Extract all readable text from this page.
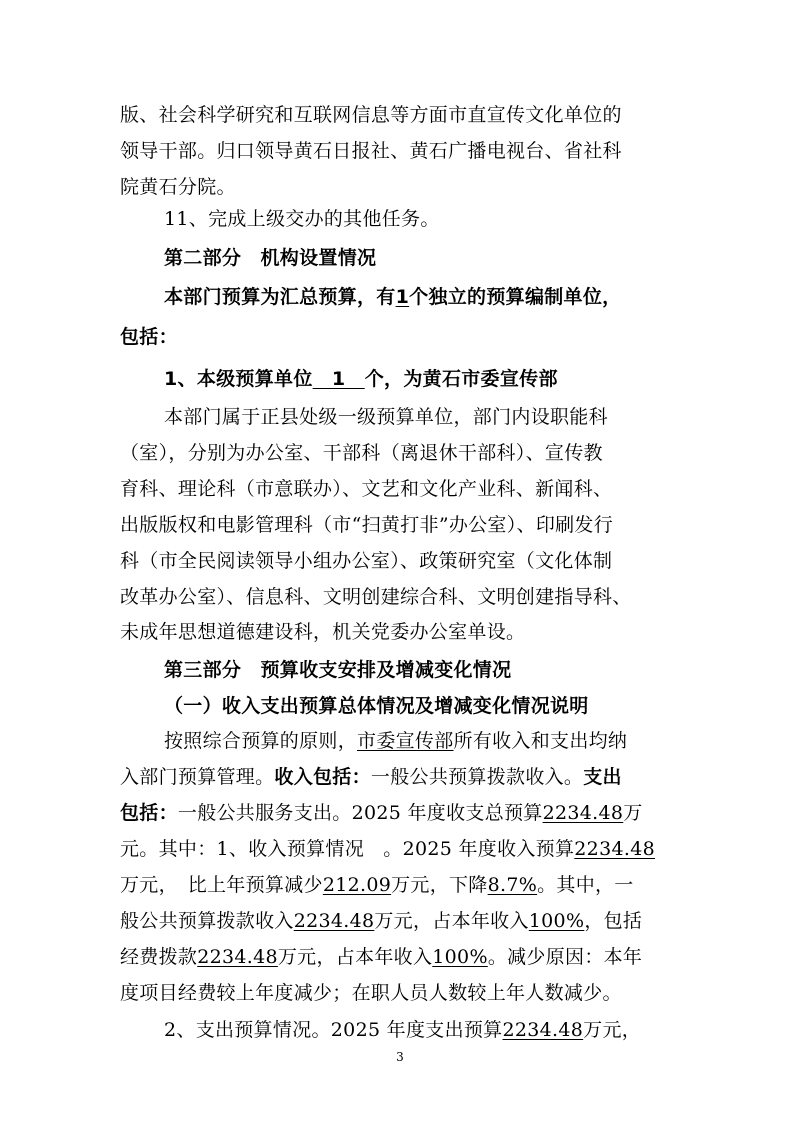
版、社会科学研究和互联网信息等方面市直宣传文化单位的
领导干部。归口领导黄石日报社、黄石广播电视台、省社科
院黄石分院。
11、完成上级交办的其他任务。
第二部分　机构设置情况
本部门预算为汇总预算，有1个独立的预算编制单位，
包括：
1、本级预算单位　1　个，为黄石市委宣传部
本部门属于正县处级一级预算单位，部门内设职能科
（室），分别为办公室、干部科（离退休干部科）、宣传教
育科、理论科（市意联办）、文艺和文化产业科、新闻科、
出版版权和电影管理科（市“扫黄打非”办公室）、印刷发行
科（市全民阅读领导小组办公室）、政策研究室（文化体制
改革办公室）、信息科、文明创建综合科、文明创建指导科、
未成年思想道德建设科，机关党委办公室单设。
第三部分　预算收支安排及增减变化情况
（一）收入支出预算总体情况及增减变化情况说明
按照综合预算的原则，市委宣传部所有收入和支出均纳
入部门预算管理。收入包括：一般公共预算拨款收入。支出
包括：一般公共服务支出。2025 年度收支总预算2234.48万
元。其中：1、收入预算情况　。2025 年度收入预算2234.48
万元，　比上年预算减少212.09万元，下降8.7%。其中，一
般公共预算拨款收入2234.48万元，占本年收入100%，包括
经费拨款2234.48万元，占本年收入100%。减少原因：本年
度项目经费较上年度减少；在职人员人数较上年人数减少。
2、支出预算情况。2025 年度支出预算2234.48万元，
3
